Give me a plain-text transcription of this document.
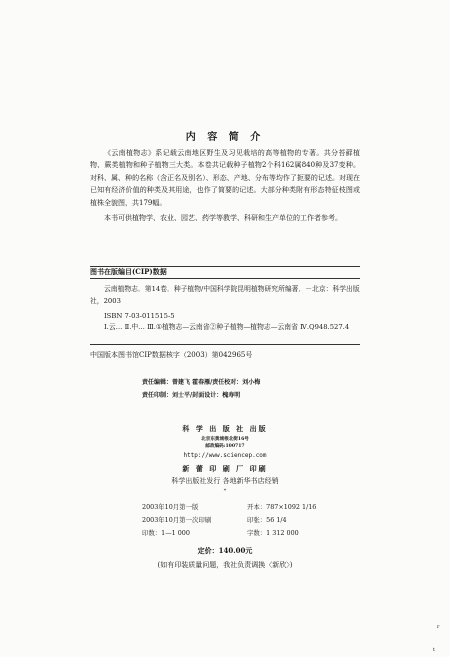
内 容 简 介

《云南植物志》系记载云南地区野生及习见栽培的高等植物的专著。共分苔藓植物、蕨类植物和种子植物三大类。本卷共记载种子植物2个科162属840种及37变种。对科、属、种的名称（含正名及别名）、形态、产地、分布等均作了扼要的记述。对现在已知有经济价值的种类及其用途，也作了简要的记述。大部分种类附有形态特征枝图或植株全貌图，共179幅。

本书可供植物学、农业、园艺、药学等教学、科研和生产单位的工作者参考。

图书在版编目(CIP)数据
云南植物志．第14卷．种子植物/中国科学院昆明植物研究所编著．－北京：科学出版社，2003
ISBN 7-03-011515-5
Ⅰ.云… Ⅱ.中… Ⅲ.①植物志—云南省②种子植物—植物志—云南省 Ⅳ.Q948.527.4
中国版本图书馆CIP数据核字（2003）第042965号
责任编辑：曾建飞 霍春雁/责任校对：刘小梅
责任印制：刘士平/封面设计：槐寿明
科 学 出 版 社 出版
北京东黄城根北街16号
邮政编码:100717
http://www.sciencep.com
新 蕾 印 刷 厂 印刷
科学出版社发行 各地新华书店经销
*
2003年10月第一版
2003年10月第一次印刷
印数：1—1 000
开本：787×1092 1/16
印张：56 1/4
字数：1 312 000
定价：140.00元
(如有印装质量问题，我社负责调换〈新欣〉)
r
t
